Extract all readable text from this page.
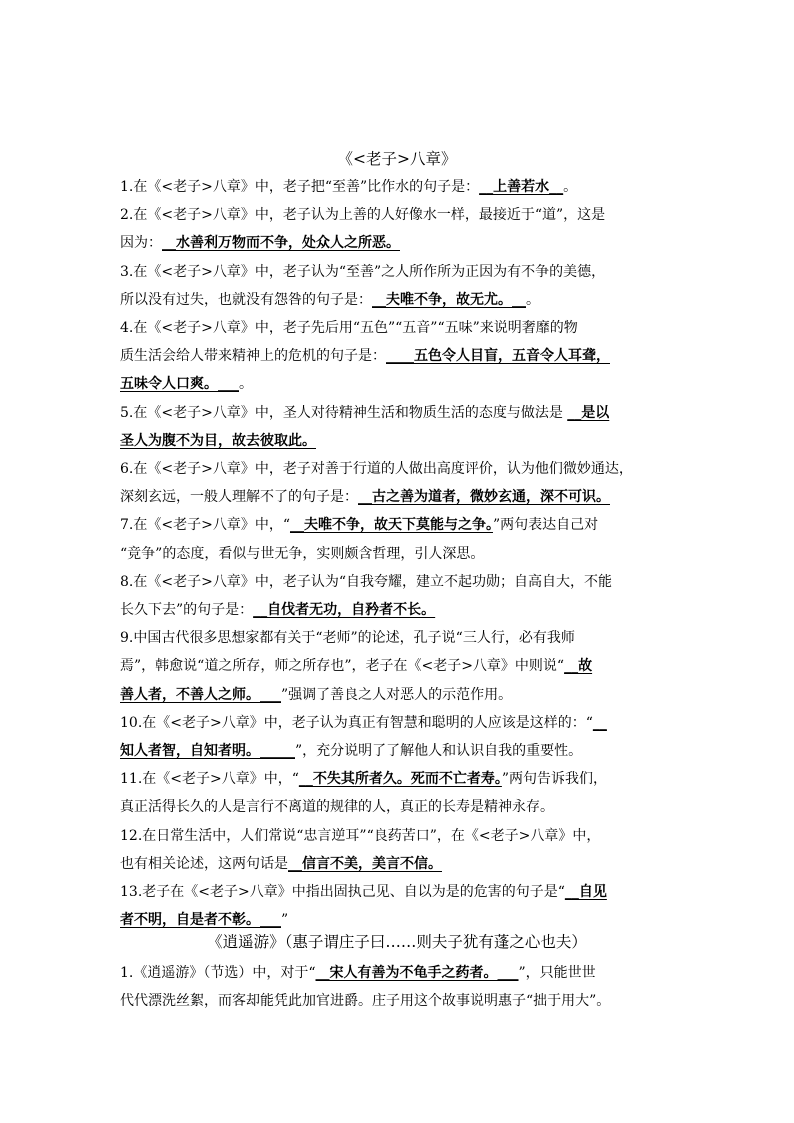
《<老子>八章》
1.在《<老子>八章》中，老子把“至善”比作水的句子是：__上善若水__。
2.在《<老子>八章》中，老子认为上善的人好像水一样，最接近于“道”，这是
因为：__水善利万物而不争，处众人之所恶。
3.在《<老子>八章》中，老子认为“至善”之人所作所为正因为有不争的美德，
所以没有过失，也就没有怨咎的句子是：__夫唯不争，故无尤。__。
4.在《<老子>八章》中，老子先后用“五色”“五音”“五味”来说明奢靡的物
质生活会给人带来精神上的危机的句子是：____五色令人目盲，五音令人耳聋，
五味令人口爽。___。
5.在《<老子>八章》中，圣人对待精神生活和物质生活的态度与做法是 __是以
圣人为腹不为目，故去彼取此。
6.在《<老子>八章》中，老子对善于行道的人做出高度评价，认为他们微妙通达，
深刻玄远，一般人理解不了的句子是：__古之善为道者，微妙玄通，深不可识。
7.在《<老子>八章》中，“__夫唯不争，故天下莫能与之争。”两句表达自己对
“竞争”的态度，看似与世无争，实则颇含哲理，引人深思。
8.在《<老子>八章》中，老子认为“自我夸耀，建立不起功勋；自高自大，不能
长久下去”的句子是：__自伐者无功，自矜者不长。
9.中国古代很多思想家都有关于“老师”的论述，孔子说“三人行，必有我师
焉”，韩愈说“道之所存，师之所存也”，老子在《<老子>八章》中则说“__故
善人者，不善人之师。___”强调了善良之人对恶人的示范作用。
10.在《<老子>八章》中，老子认为真正有智慧和聪明的人应该是这样的：“__
知人者智，自知者明。_____”，充分说明了了解他人和认识自我的重要性。
11.在《<老子>八章》中，“__不失其所者久。死而不亡者寿。”两句告诉我们，
真正活得长久的人是言行不离道的规律的人，真正的长寿是精神永存。
12.在日常生活中，人们常说“忠言逆耳”“良药苦口”，在《<老子>八章》中，
也有相关论述，这两句话是__信言不美，美言不信。
13.老子在《<老子>八章》中指出固执己见、自以为是的危害的句子是“__自见
者不明，自是者不彰。___”
《逍遥游》（惠子谓庄子曰……则夫子犹有蓬之心也夫）
1.《逍遥游》（节选）中，对于“__宋人有善为不龟手之药者。___”，只能世世
代代漂洗丝絮，而客却能凭此加官进爵。庄子用这个故事说明惠子“拙于用大”。
